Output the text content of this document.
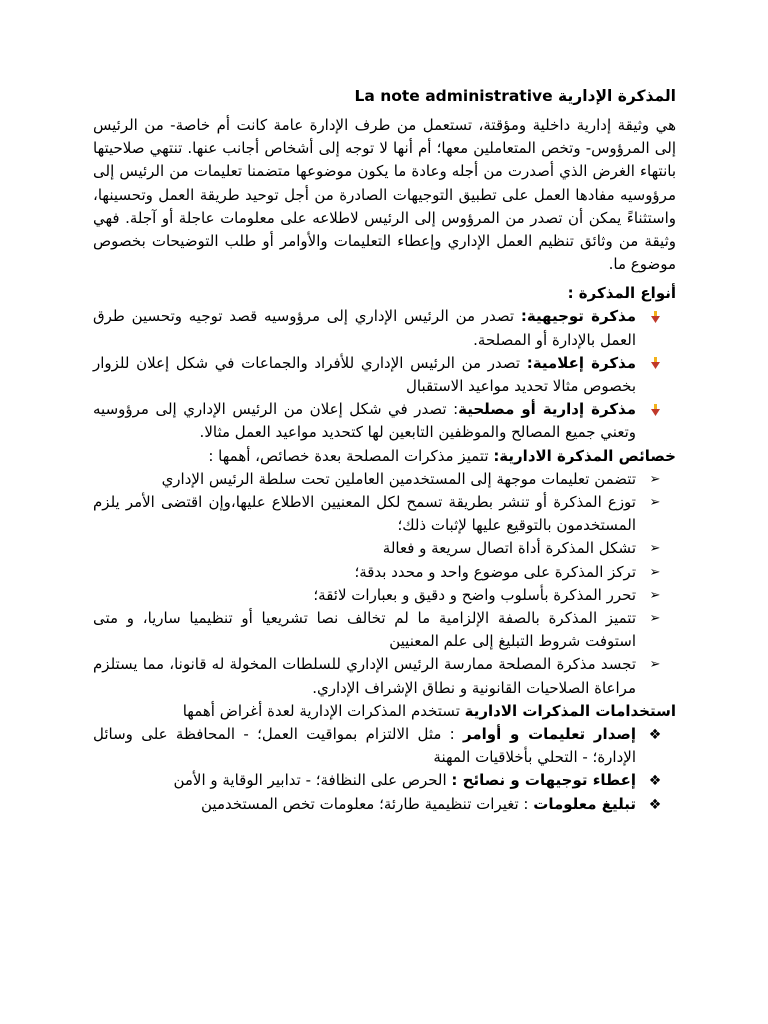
المذكرة الإدارية La note administrative

هي وثيقة إدارية داخلية ومؤقتة، تستعمل من طرف الإدارة عامة كانت أم خاصة- من الرئيس إلى المرؤوس- وتخص المتعاملين معها؛ أم أنها لا توجه إلى أشخاص أجانب عنها. تنتهي صلاحيتها بانتهاء الغرض الذي أصدرت من أجله وعادة ما يكون موضوعها متضمنا تعليمات من الرئيس إلى مرؤوسيه مفادها العمل على تطبيق التوجيهات الصادرة من أجل توحيد طريقة العمل وتحسينها، واستثناءً يمكن أن تصدر من المرؤوس إلى الرئيس لاطلاعه على معلومات عاجلة أو آجلة. فهي وثيقة من وثائق تنظيم العمل الإداري وإعطاء التعليمات والأوامر أو طلب التوضيحات بخصوص موضوع ما.

أنواع المذكرة :
مذكرة توجيهية: تصدر من الرئيس الإداري إلى مرؤوسيه قصد توجيه وتحسين طرق العمل بالإدارة أو المصلحة.
مذكرة إعلامية: تصدر من الرئيس الإداري للأفراد والجماعات في شكل إعلان للزوار بخصوص مثالا تحديد مواعيد الاستقبال
مذكرة إدارية أو مصلحية: تصدر في شكل إعلان من الرئيس الإداري إلى مرؤوسيه وتعني جميع المصالح والموظفين التابعين لها كتحديد مواعيد العمل مثالا.

خصائص المذكرة الادارية: تتميز مذكرات المصلحة بعدة خصائص، أهمها :

➢
تتضمن تعليمات موجهة إلى المستخدمين العاملين تحت سلطة الرئيس الإداري
➢
توزع المذكرة أو تنشر بطريقة تسمح لكل المعنيين الاطلاع عليها،وإن اقتضى الأمر يلزم المستخدمون بالتوقيع عليها لإثبات ذلك؛
➢
تشكل المذكرة أداة اتصال سريعة و فعالة
➢
تركز المذكرة على موضوع واحد و محدد بدقة؛
➢
تحرر المذكرة بأسلوب واضح و دقيق و بعبارات لائقة؛
➢
تتميز المذكرة بالصفة الإلزامية ما لم تخالف نصا تشريعيا أو تنظيميا ساريا، و متى استوفت شروط التبليغ إلى علم المعنيين
➢
تجسد مذكرة المصلحة ممارسة الرئيس الإداري للسلطات المخولة له قانونا، مما يستلزم مراعاة الصلاحيات القانونية و نطاق الإشراف الإداري.

استخدامات المذكرات الادارية تستخدم المذكرات الإدارية لعدة أغراض أهمها

❖
إصدار تعليمات و أوامر : مثل الالتزام بمواقيت العمل؛ - المحافظة على وسائل الإدارة؛ - التحلي بأخلاقيات المهنة
❖
إعطاء توجيهات و نصائح : الحرص على النظافة؛ - تدابير الوقاية و الأمن
❖
تبليغ معلومات : تغيرات تنظيمية طارئة؛ معلومات تخص المستخدمين
